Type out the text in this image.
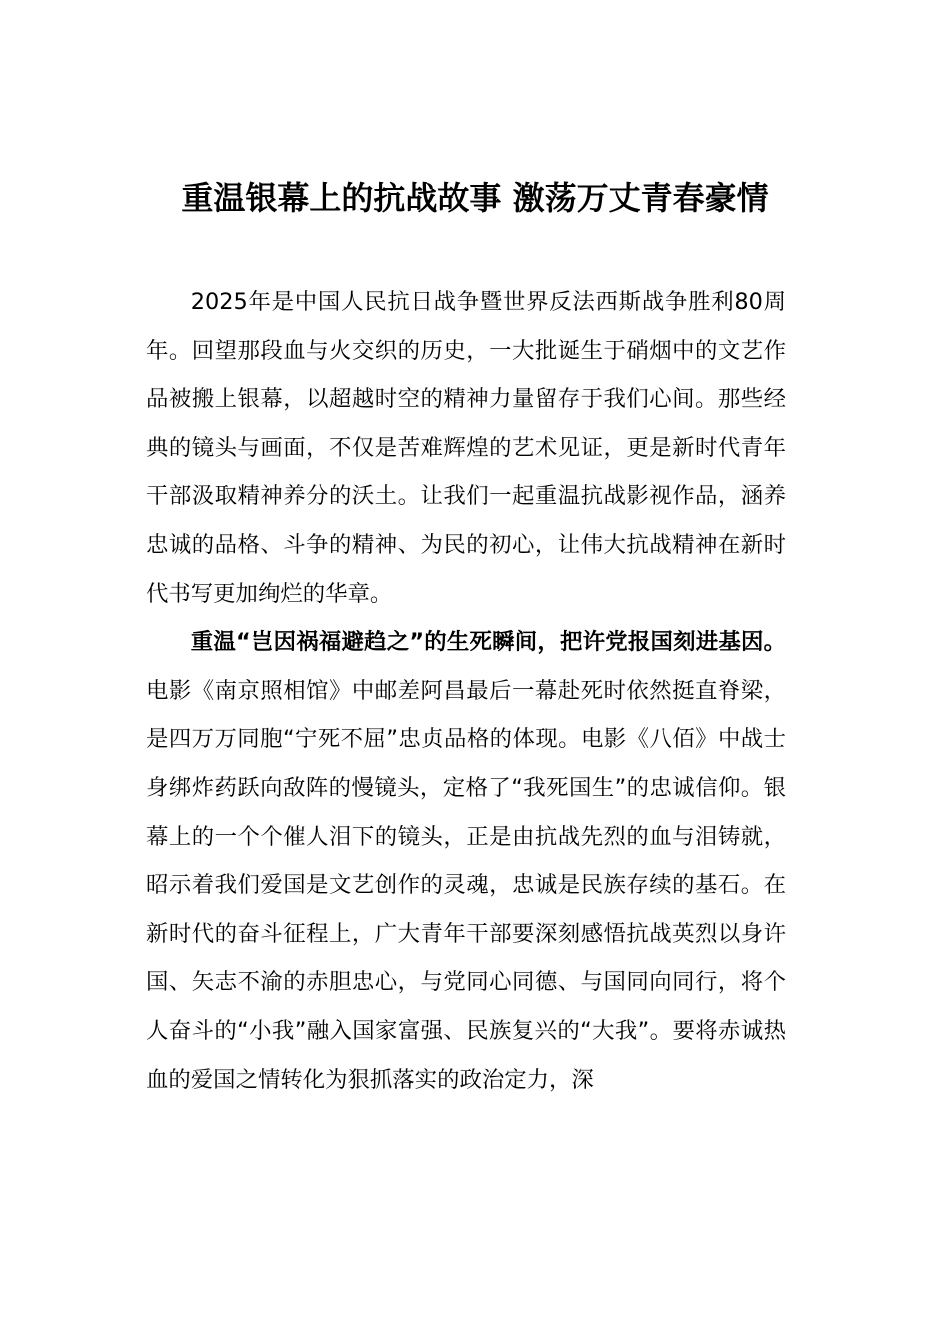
重温银幕上的抗战故事 激荡万丈青春豪情

2025年是中国人民抗日战争暨世界反法西斯战争胜利80周年。回望那段血与火交织的历史，一大批诞生于硝烟中的文艺作品被搬上银幕，以超越时空的精神力量留存于我们心间。那些经典的镜头与画面，不仅是苦难辉煌的艺术见证，更是新时代青年干部汲取精神养分的沃土。让我们一起重温抗战影视作品，涵养忠诚的品格、斗争的精神、为民的初心，让伟大抗战精神在新时代书写更加绚烂的华章。

重温“岂因祸福避趋之”的生死瞬间，把许党报国刻进基因。电影《南京照相馆》中邮差阿昌最后一幕赴死时依然挺直脊梁，是四万万同胞“宁死不屈”忠贞品格的体现。电影《八佰》中战士身绑炸药跃向敌阵的慢镜头，定格了“我死国生”的忠诚信仰。银幕上的一个个催人泪下的镜头，正是由抗战先烈的血与泪铸就，昭示着我们爱国是文艺创作的灵魂，忠诚是民族存续的基石。在新时代的奋斗征程上，广大青年干部要深刻感悟抗战英烈以身许国、矢志不渝的赤胆忠心，与党同心同德、与国同向同行，将个人奋斗的“小我”融入国家富强、民族复兴的“大我”。要将赤诚热血的爱国之情转化为狠抓落实的政治定力，深
